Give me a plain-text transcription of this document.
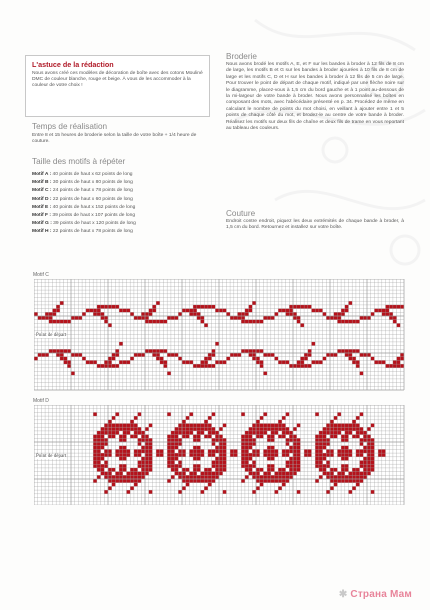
L'astuce de la rédaction

Nous avons créé ces modèles de décoration de boîte avec des cotons Mouliné DMC de couleur blanche, rouge et beige. À vous de les accommoder à la couleur de votre choix !

Temps de réalisation
Entre 8 et 15 heures de broderie selon la taille de votre boîte + 1/4 heure de couture.
Taille des motifs à répéter
Motif A : 40 points de haut x 62 points de long
Motif B : 30 points de haut x 80 points de long
Motif C : 24 points de haut x 78 points de long
Motif D : 22 points de haut x 60 points de long
Motif E : 40 points de haut x 152 points de long
Motif F : 39 points de haut x 107 points de long
Motif G : 39 points de haut x 120 points de long
Motif H : 22 points de haut x 78 points de long
Broderie
Nous avons brodé les motifs A, E, et F sur les bandes à broder à 12 fils de 8 cm de large, les motifs B et G sur les bandes à broder ajourées à 10 fils de 8 cm de large et les motifs C, D et H sur les bandes à broder à 12 fils de 5 cm de large. Pour trouver le point de départ de chaque motif, indiqué par une flèche noire sur le diagramme, placez-vous à 1,5 cm du bord gauche et à 1 point au-dessous de la mi-largeur de votre bande à broder. Nous avons personnalisé les boîtes en composant des mots, avec l'abécédaire présenté en p. 34. Procédez de même en calculant le nombre de points du mot choisi, en veillant à ajouter entre 1 et 5 points de chaque côté du mot, et brodez-le au centre de votre bande à broder. Réalisez les motifs sur deux fils de chaîne et deux fils de trame en vous reportant au tableau des couleurs.
Couture
Endroit contre endroit, piquez les deux extrémités de chaque bande à broder, à 1,5 cm du bord. Retournez et installez sur votre boîte.
Motif C
Point de départ
Motif D
Point de départ
✱ Страна Мам
